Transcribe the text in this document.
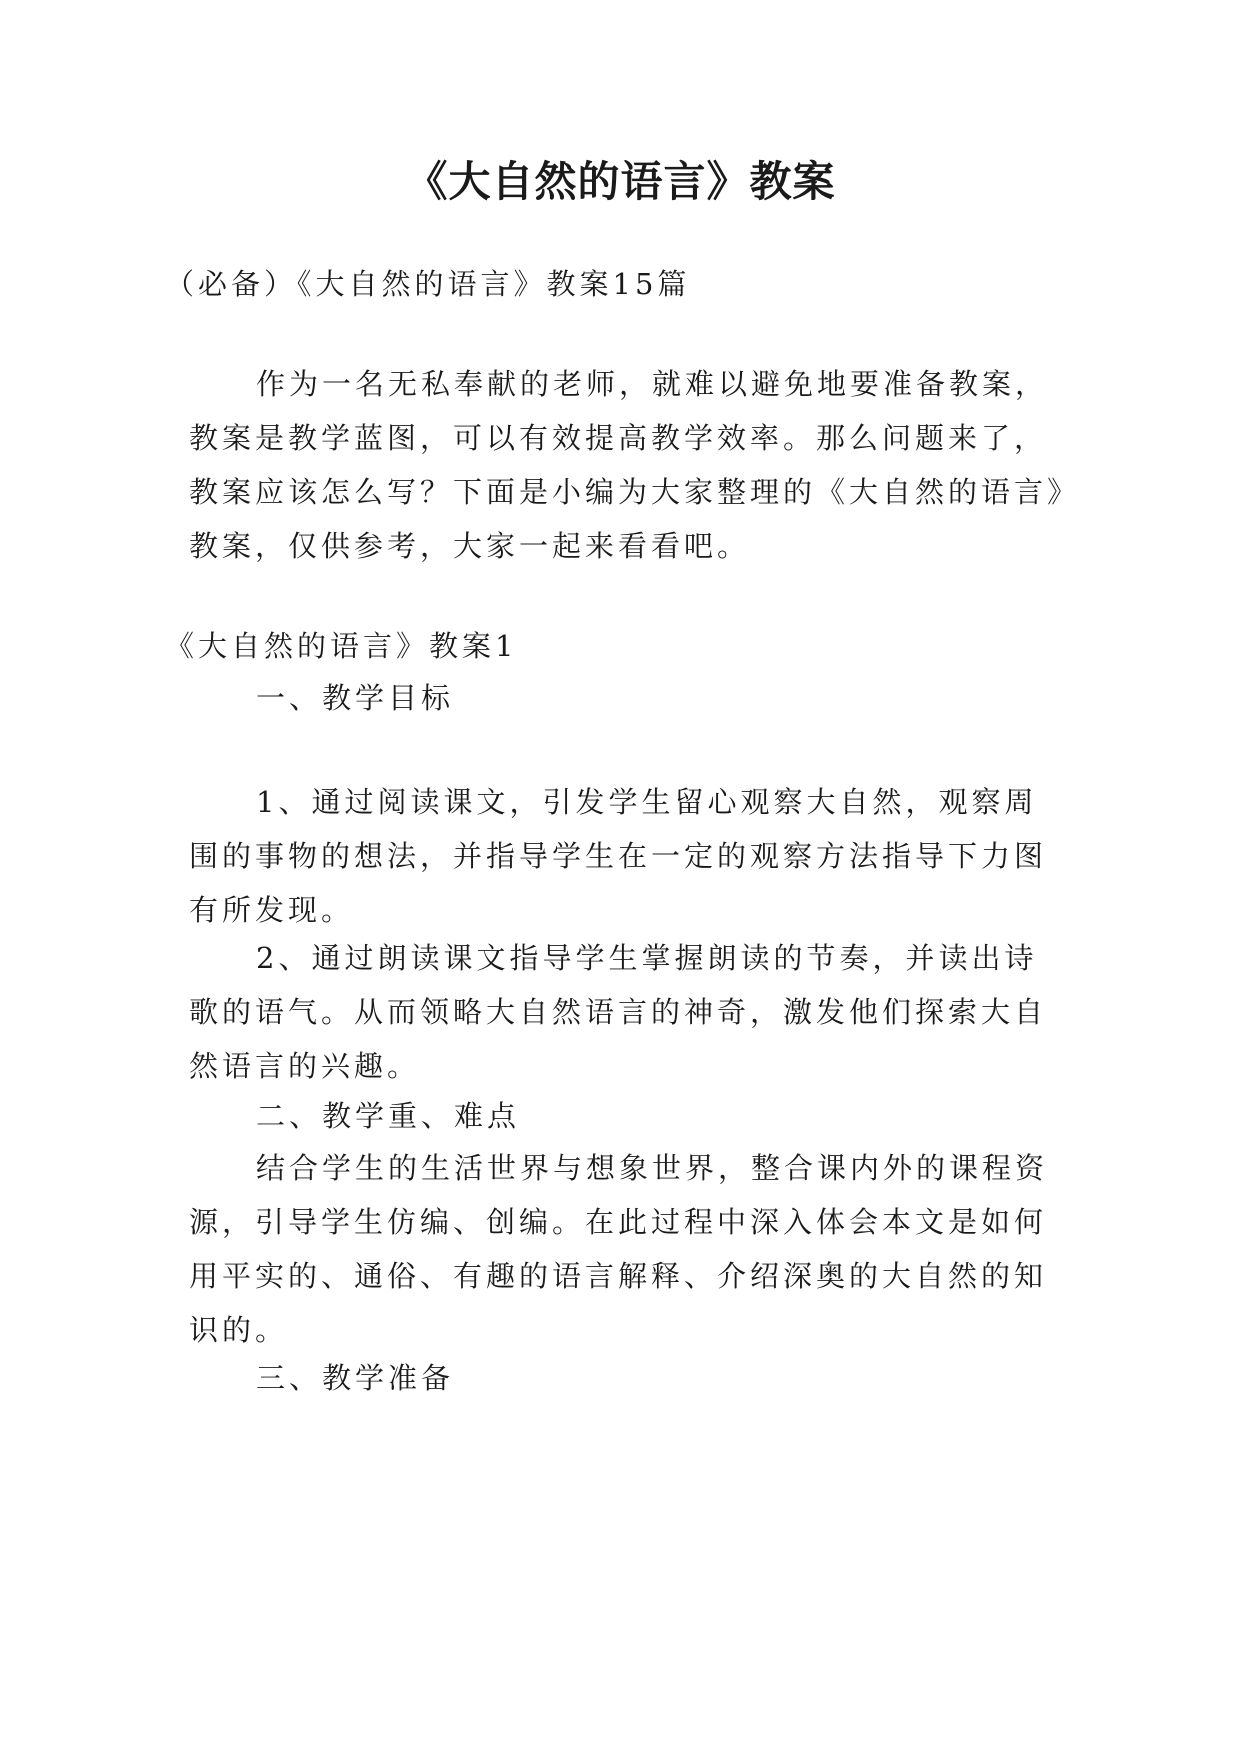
《大自然的语言》教案

（必备）《大自然的语言》教案15篇

作为一名无私奉献的老师，就难以避免地要准备教案，

教案是教学蓝图，可以有效提高教学效率。那么问题来了，

教案应该怎么写？下面是小编为大家整理的《大自然的语言》

教案，仅供参考，大家一起来看看吧。

《大自然的语言》教案1

一、教学目标

1、通过阅读课文，引发学生留心观察大自然，观察周

围的事物的想法，并指导学生在一定的观察方法指导下力图

有所发现。

2、通过朗读课文指导学生掌握朗读的节奏，并读出诗

歌的语气。从而领略大自然语言的神奇，激发他们探索大自

然语言的兴趣。

二、教学重、难点

结合学生的生活世界与想象世界，整合课内外的课程资

源，引导学生仿编、创编。在此过程中深入体会本文是如何

用平实的、通俗、有趣的语言解释、介绍深奥的大自然的知

识的。

三、教学准备
